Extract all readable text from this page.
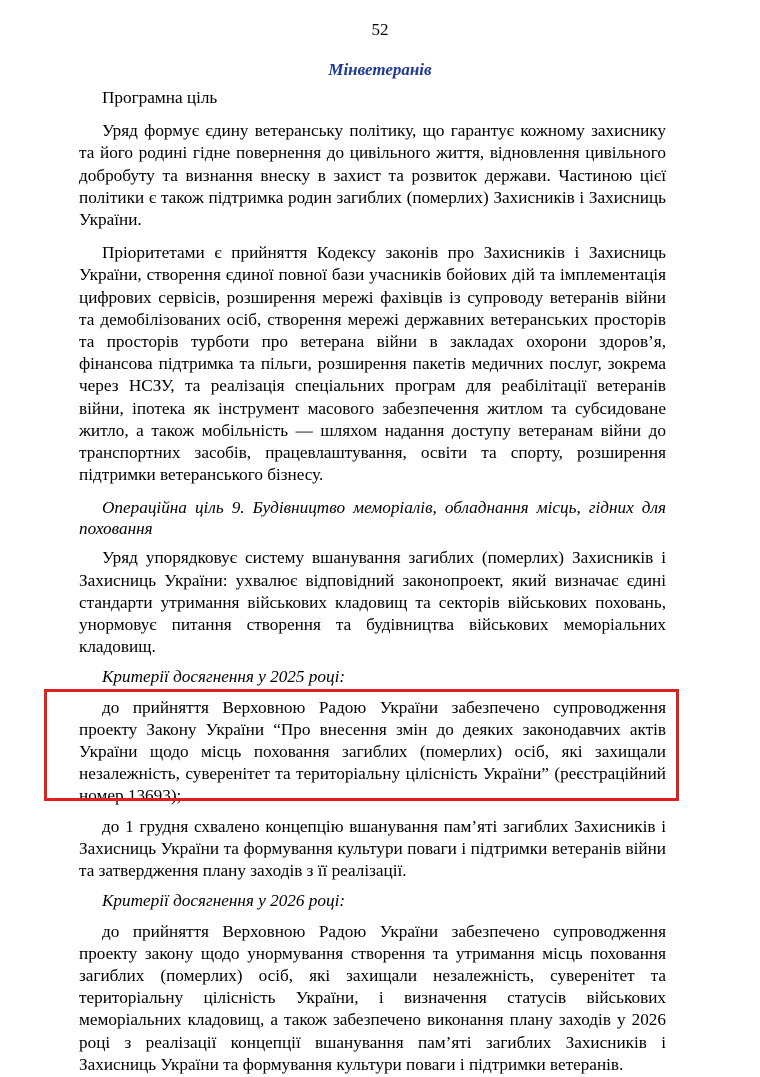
52
Мінветеранів

Програмна ціль

Уряд формує єдину ветеранську політику, що гарантує кожному захиснику та його родині гідне повернення до цивільного життя, відновлення цивільного добробуту та визнання внеску в захист та розвиток держави. Частиною цієї політики є також підтримка родин загиблих (померлих) Захисників і Захисниць України.

Пріоритетами є прийняття Кодексу законів про Захисників і Захисниць України, створення єдиної повної бази учасників бойових дій та імплементація цифрових сервісів, розширення мережі фахівців із супроводу ветеранів війни та демобілізованих осіб, створення мережі державних ветеранських просторів та просторів турботи про ветерана війни в закладах охорони здоров’я, фінансова підтримка та пільги, розширення пакетів медичних послуг, зокрема через НСЗУ, та реалізація спеціальних програм для реабілітації ветеранів війни, іпотека як інструмент масового забезпечення житлом та субсидоване житло, а також мобільність — шляхом надання доступу ветеранам війни до транспортних засобів, працевлаштування, освіти та спорту, розширення підтримки ветеранського бізнесу.

Операційна ціль 9. Будівництво меморіалів, обладнання місць, гідних для поховання

Уряд упорядковує систему вшанування загиблих (померлих) Захисників і Захисниць України: ухвалює відповідний законопроект, який визначає єдині стандарти утримання військових кладовищ та секторів військових поховань, унормовує питання створення та будівництва військових меморіальних кладовищ.

Критерії досягнення у 2025 році:

до прийняття Верховною Радою України забезпечено супроводження проекту Закону України “Про внесення змін до деяких законодавчих актів України щодо місць поховання загиблих (померлих) осіб, які захищали незалежність, суверенітет та територіальну цілісність України” (реєстраційний номер 13693);

до 1 грудня схвалено концепцію вшанування пам’яті загиблих Захисників і Захисниць України та формування культури поваги і підтримки ветеранів війни та затвердження плану заходів з її реалізації.

Критерії досягнення у 2026 році:

до прийняття Верховною Радою України забезпечено супроводження проекту закону щодо унормування створення та утримання місць поховання загиблих (померлих) осіб, які захищали незалежність, суверенітет та територіальну цілісність України, і визначення статусів військових меморіальних кладовищ, а також забезпечено виконання плану заходів у 2026 році з реалізації концепції вшанування пам’яті загиблих Захисників і Захисниць України та формування культури поваги і підтримки ветеранів.
